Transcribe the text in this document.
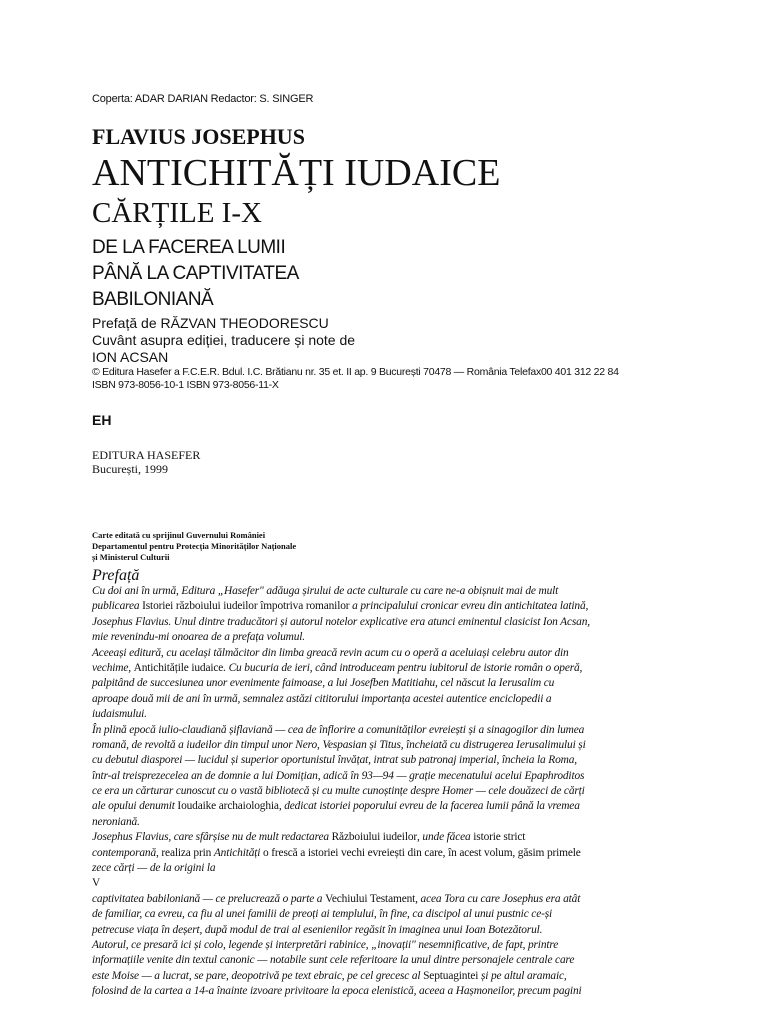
Coperta: ADAR DARIAN Redactor: S. SINGER
FLAVIUS JOSEPHUS
ANTICHITĂȚI IUDAICE
CĂRȚILE I-X
DE LA FACEREA LUMII
PÂNĂ LA CAPTIVITATEA
BABILONIANĂ
Prefață de RĂZVAN THEODORESCU
Cuvânt asupra ediției, traducere și note de
ION ACSAN
© Editura Hasefer a F.C.E.R. Bdul. I.C. Brătianu nr. 35 et. II ap. 9 București 70478 — România Telefax00 401 312 22 84
ISBN 973-8056-10-1 ISBN 973-8056-11-X
EH
EDITURA HASEFER
București, 1999
Carte editată cu sprijinul Guvernului României
Departamentul pentru Protecția Minorităților Naționale
și Ministerul Culturii
Prefață
Cu doi ani în urmă, Editura „Hasefer" adăuga șirului de acte culturale cu care ne-a obișnuit mai de mult
publicarea Istoriei războiului iudeilor împotriva romanilor a principalului cronicar evreu din antichitatea latină,
Josephus Flavius. Unul dintre traducători și autorul notelor explicative era atunci eminentul clasicist Ion Acsan,
mie revenindu-mi onoarea de a prefața volumul.
Aceeași editură, cu același tălmăcitor din limba greacă revin acum cu o operă a aceluiași celebru autor din
vechime, Antichitățile iudaice. Cu bucuria de ieri, când introduceam pentru iubitorul de istorie român o operă,
palpitând de succesiunea unor evenimente faimoase, a lui Josefben Matitiahu, cel născut la Ierusalim cu
aproape două mii de ani în urmă, semnalez astăzi cititorului importanța acestei autentice enciclopedii a
iudaismului.
În plină epocă iulio-claudiană șiflaviană — cea de înflorire a comunităților evreiești și a sinagogilor din lumea
romană, de revoltă a iudeilor din timpul unor Nero, Vespasian și Titus, încheiată cu distrugerea Ierusalimului și
cu debutul diasporei — lucidul și superior oportunistul învățat, intrat sub patronaj imperial, încheia la Roma,
într-al treisprezecelea an de domnie a lui Domițian, adică în 93—94 — grație mecenatului acelui Epaphroditos
ce era un cărturar cunoscut cu o vastă bibliotecă și cu multe cunoștințe despre Homer — cele douăzeci de cărți
ale opului denumit Ioudaike archaiologhia, dedicat istoriei poporului evreu de la facerea lumii până la vremea
neroniană.
Josephus Flavius, care sfârșise nu de mult redactarea Războiului iudeilor, unde făcea istorie strict
contemporană, realiza prin Antichități o frescă a istoriei vechi evreiești din care, în acest volum, găsim primele
zece cărți — de la origini la
V
captivitatea babiloniană — ce prelucrează o parte a Vechiului Testament, acea Tora cu care Josephus era atât
de familiar, ca evreu, ca fiu al unei familii de preoți ai templului, în fine, ca discipol al unui pustnic ce-și
petrecuse viața în deșert, după modul de trai al esenienilor regăsit în imaginea unui Ioan Botezătorul.
Autorul, ce presară ici și colo, legende și interpretări rabinice, „inovații" nesemnificative, de fapt, printre
informațiile venite din textul canonic — notabile sunt cele referitoare la unul dintre personajele centrale care
este Moise — a lucrat, se pare, deopotrivă pe text ebraic, pe cel grecesc al Septuagintei și pe altul aramaic,
folosind de la cartea a 14-a înainte izvoare privitoare la epoca elenistică, aceea a Hașmoneilor, precum pagini
